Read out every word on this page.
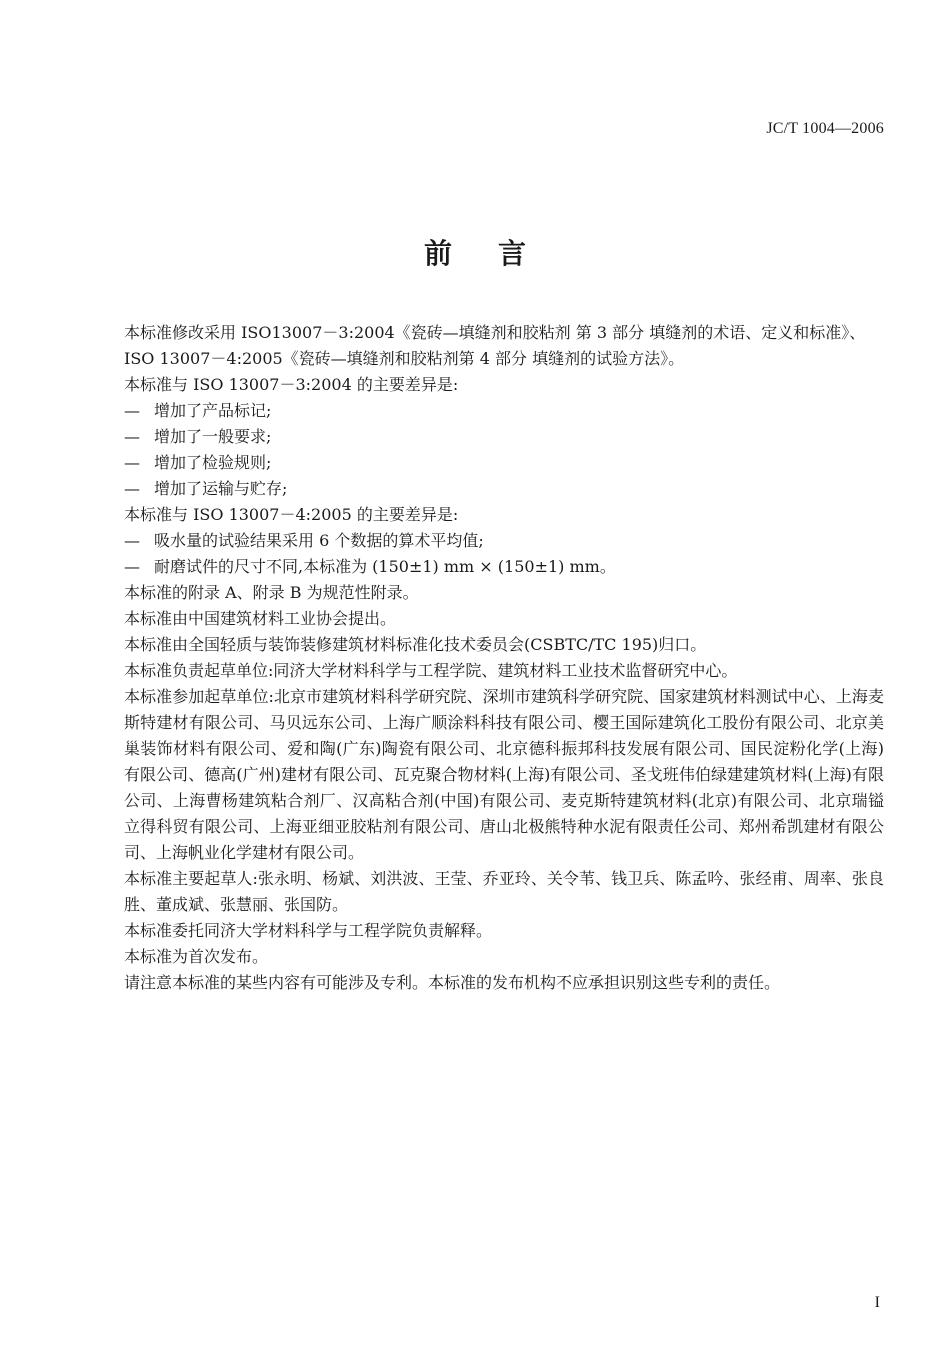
JC/T 1004—2006
前言

本标准修改采用 ISO13007－3:2004《瓷砖—填缝剂和胶粘剂 第 3 部分 填缝剂的术语、定义和标准》、

ISO 13007－4:2005《瓷砖—填缝剂和胶粘剂第 4 部分 填缝剂的试验方法》。

本标准与 ISO 13007－3:2004 的主要差异是:

— 增加了产品标记;

— 增加了一般要求;

— 增加了检验规则;

— 增加了运输与贮存;

本标准与 ISO 13007－4:2005 的主要差异是:

— 吸水量的试验结果采用 6 个数据的算术平均值;

— 耐磨试件的尺寸不同,本标准为 (150±1) mm × (150±1) mm。

本标准的附录 A、附录 B 为规范性附录。

本标准由中国建筑材料工业协会提出。

本标准由全国轻质与装饰装修建筑材料标准化技术委员会(CSBTC/TC 195)归口。

本标准负责起草单位:同济大学材料科学与工程学院、建筑材料工业技术监督研究中心。

本标准参加起草单位:北京市建筑材料科学研究院、深圳市建筑科学研究院、国家建筑材料测试中心、上海麦斯特建材有限公司、马贝远东公司、上海广顺涂料科技有限公司、樱王国际建筑化工股份有限公司、北京美巢装饰材料有限公司、爱和陶(广东)陶瓷有限公司、北京德科振邦科技发展有限公司、国民淀粉化学(上海)有限公司、德高(广州)建材有限公司、瓦克聚合物材料(上海)有限公司、圣戈班伟伯绿建建筑材料(上海)有限公司、上海曹杨建筑粘合剂厂、汉高粘合剂(中国)有限公司、麦克斯特建筑材料(北京)有限公司、北京瑞镒立得科贸有限公司、上海亚细亚胶粘剂有限公司、唐山北极熊特种水泥有限责任公司、郑州希凯建材有限公司、上海帆业化学建材有限公司。

本标准主要起草人:张永明、杨斌、刘洪波、王莹、乔亚玲、关令苇、钱卫兵、陈孟吟、张经甫、周率、张良胜、董成斌、张慧丽、张国防。

本标准委托同济大学材料科学与工程学院负责解释。

本标准为首次发布。

请注意本标准的某些内容有可能涉及专利。本标准的发布机构不应承担识别这些专利的责任。

I
